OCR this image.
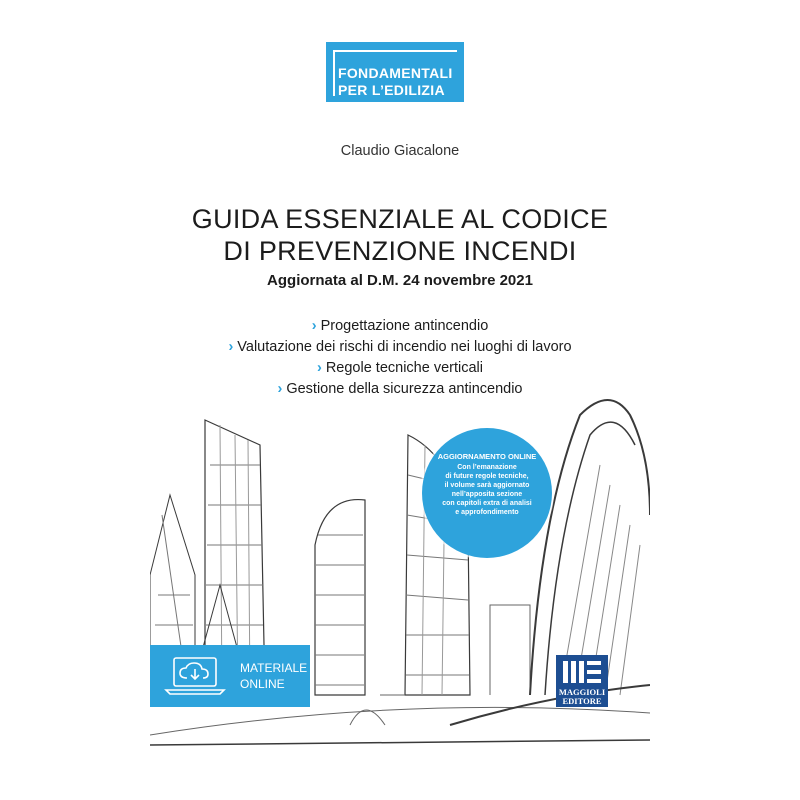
FONDAMENTALI
PER L’EDILIZIA
Claudio Giacalone
GUIDA ESSENZIALE AL CODICE
DI PREVENZIONE INCENDI
Aggiornata al D.M. 24 novembre 2021
› Progettazione antincendio
› Valutazione dei rischi di incendio nei luoghi di lavoro
› Regole tecniche verticali
› Gestione della sicurezza antincendio
AGGIORNAMENTO ONLINE
Con l’emanazione
di future regole tecniche,
il volume sarà aggiornato
nell’apposita sezione
con capitoli extra di analisi
e approfondimento
MATERIALE
ONLINE
MAGGIOLI
EDITORE
